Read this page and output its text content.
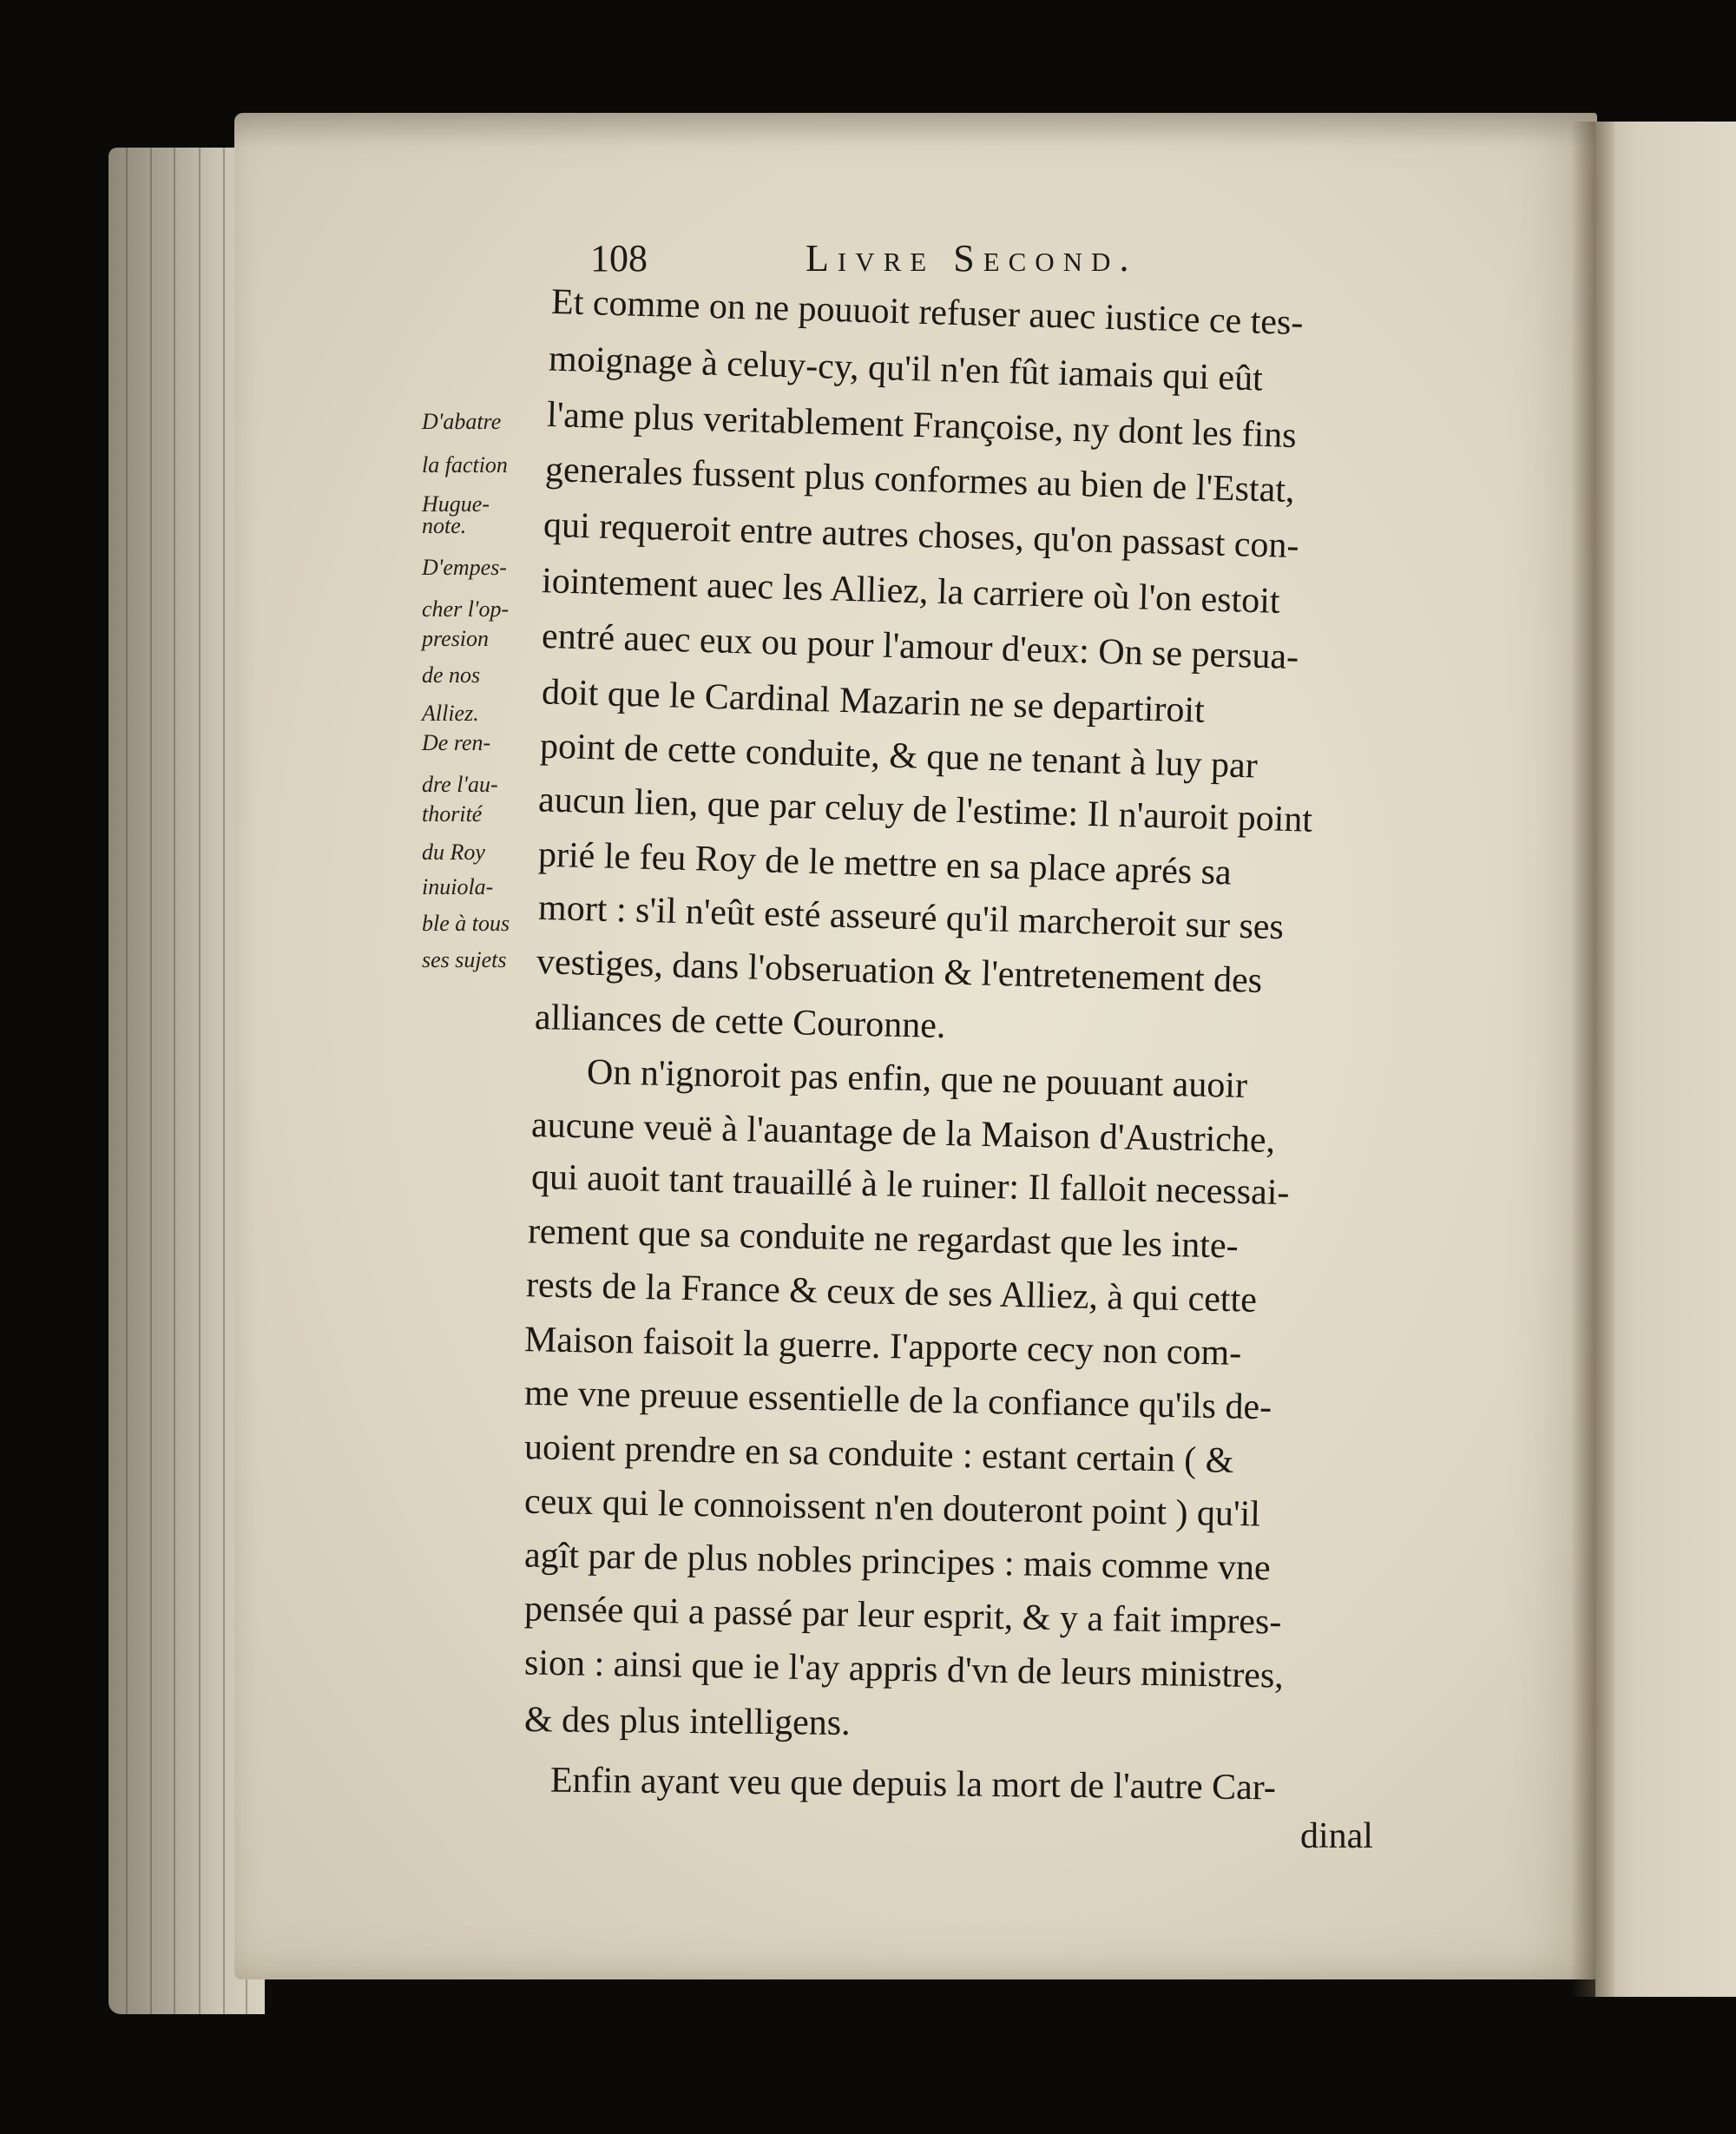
108	Livre Second.
D'abatre
la faction
Hugue-
note.
D'empes-
cher l'op-
presion
de nos
Alliez.
De ren-
dre l'au-
thorité
du Roy
inuiola-
ble à tous
ses sujets
Et comme on ne pouuoit refuser auec iustice ce tes-
moignage à celuy-cy, qu'il n'en fût iamais qui eût
l'ame plus veritablement Françoise, ny dont les fins
generales fussent plus conformes au bien de l'Estat,
qui requeroit entre autres choses, qu'on passast con-
iointement auec les Alliez, la carriere où l'on estoit
entré auec eux ou pour l'amour d'eux: On se persua-
doit que le Cardinal Mazarin ne se departiroit
point de cette conduite, & que ne tenant à luy par
aucun lien, que par celuy de l'estime: Il n'auroit point
prié le feu Roy de le mettre en sa place aprés sa
mort : s'il n'eût esté asseuré qu'il marcheroit sur ses
vestiges, dans l'obseruation & l'entretenement des
alliances de cette Couronne.
On n'ignoroit pas enfin, que ne pouuant auoir
aucune veuë à l'auantage de la Maison d'Austriche,
qui auoit tant trauaillé à le ruiner: Il falloit necessai-
rement que sa conduite ne regardast que les inte-
rests de la France & ceux de ses Alliez, à qui cette
Maison faisoit la guerre. I'apporte cecy non com-
me vne preuue essentielle de la confiance qu'ils de-
uoient prendre en sa conduite : estant certain ( &
ceux qui le connoissent n'en douteront point ) qu'il
agît par de plus nobles principes : mais comme vne
pensée qui a passé par leur esprit, & y a fait impres-
sion : ainsi que ie l'ay appris d'vn de leurs ministres,
& des plus intelligens.
Enfin ayant veu que depuis la mort de l'autre Car-
dinal
